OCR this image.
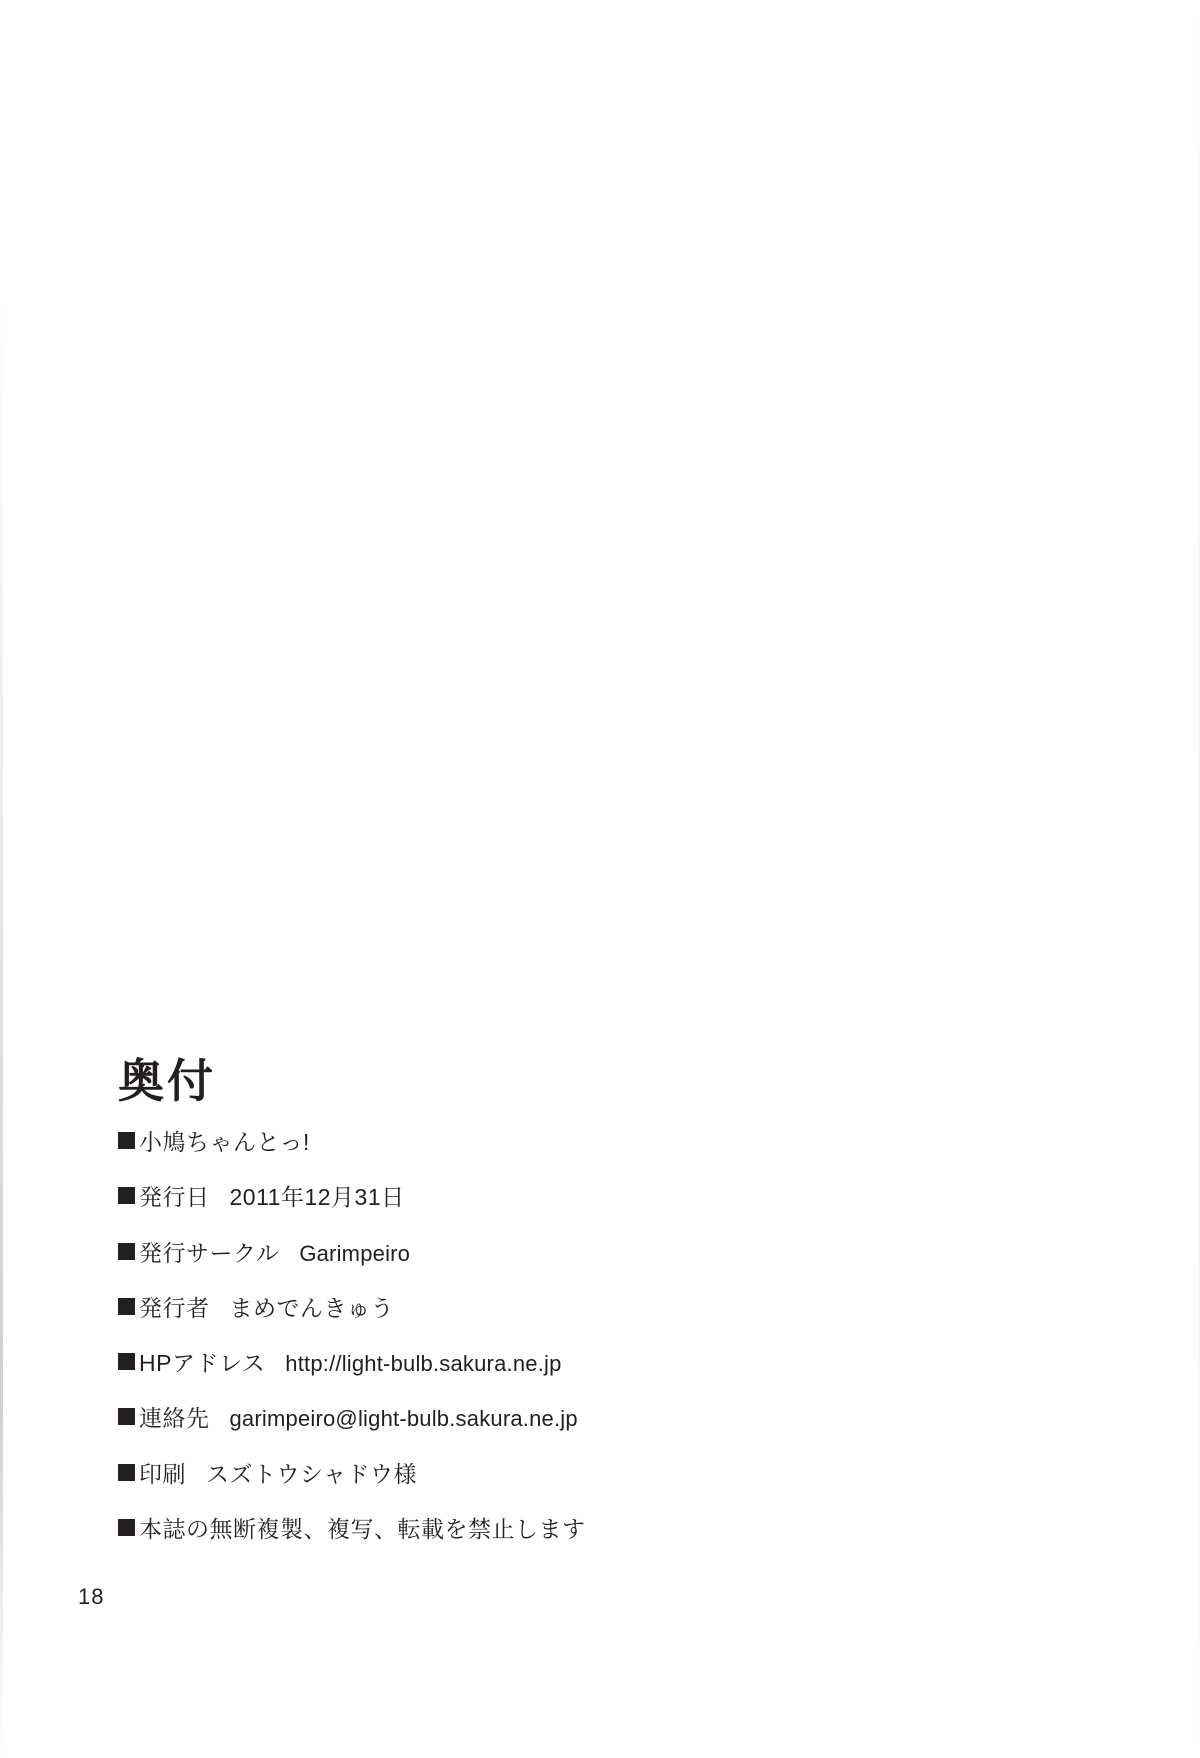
奥付
小鳩ちゃんとっ!
発行日 2011年12月31日
発行サークル Garimpeiro
発行者 まめでんきゅう
HPアドレス http://light-bulb.sakura.ne.jp
連絡先 garimpeiro@light-bulb.sakura.ne.jp
印刷 スズトウシャドウ様
本誌の無断複製、複写、転載を禁止します
18
